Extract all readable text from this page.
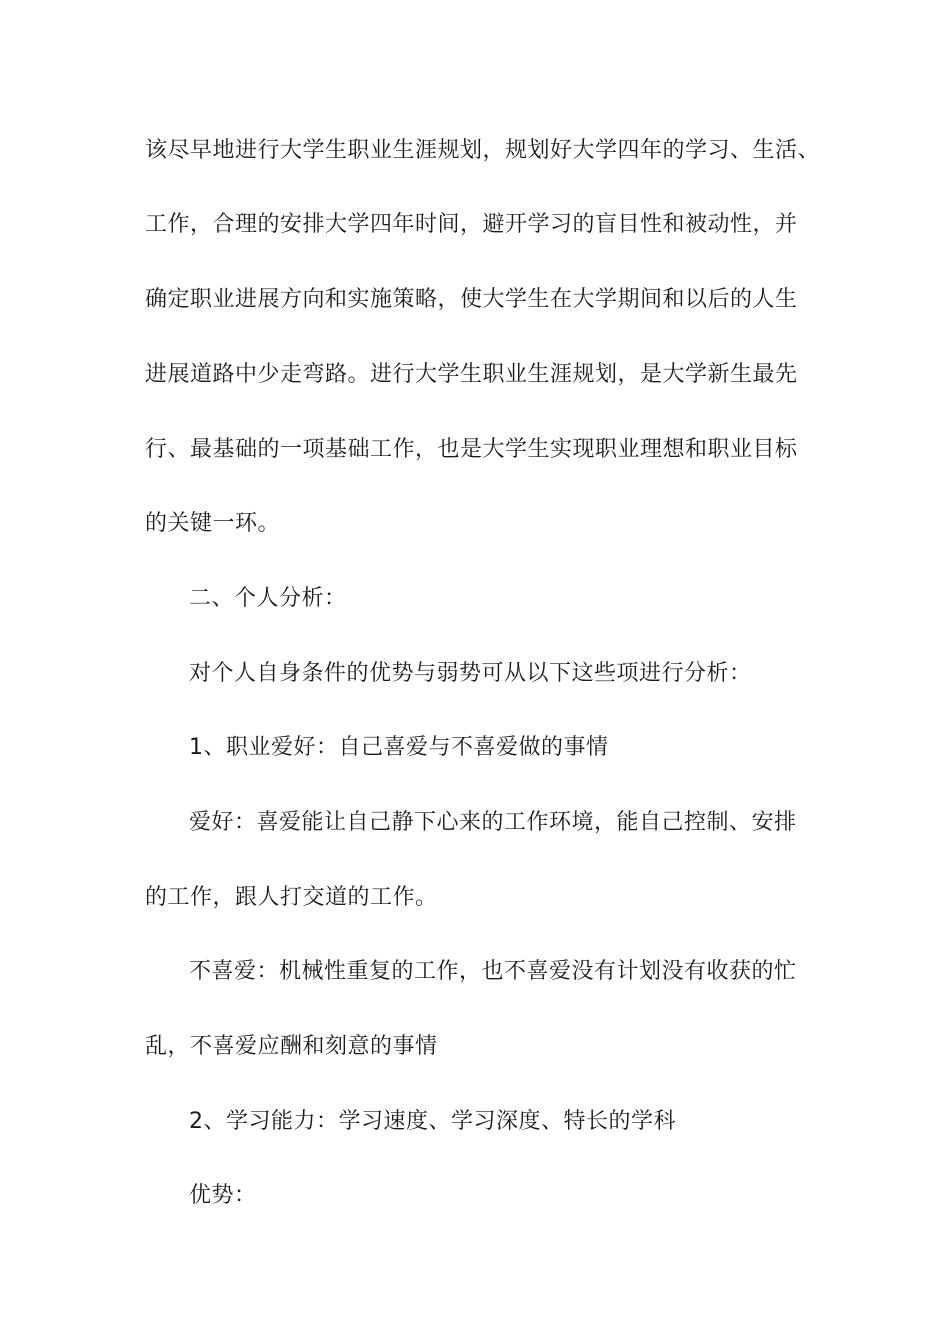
该尽早地进行大学生职业生涯规划，规划好大学四年的学习、生活、
工作，合理的安排大学四年时间，避开学习的盲目性和被动性，并
确定职业进展方向和实施策略，使大学生在大学期间和以后的人生
进展道路中少走弯路。进行大学生职业生涯规划，是大学新生最先
行、最基础的一项基础工作，也是大学生实现职业理想和职业目标
的关键一环。
二、个人分析：
对个人自身条件的优势与弱势可从以下这些项进行分析：
1、职业爱好：自己喜爱与不喜爱做的事情
爱好：喜爱能让自己静下心来的工作环境，能自己控制、安排
的工作，跟人打交道的工作。
不喜爱：机械性重复的工作，也不喜爱没有计划没有收获的忙
乱，不喜爱应酬和刻意的事情
2、学习能力：学习速度、学习深度、特长的学科
优势：
